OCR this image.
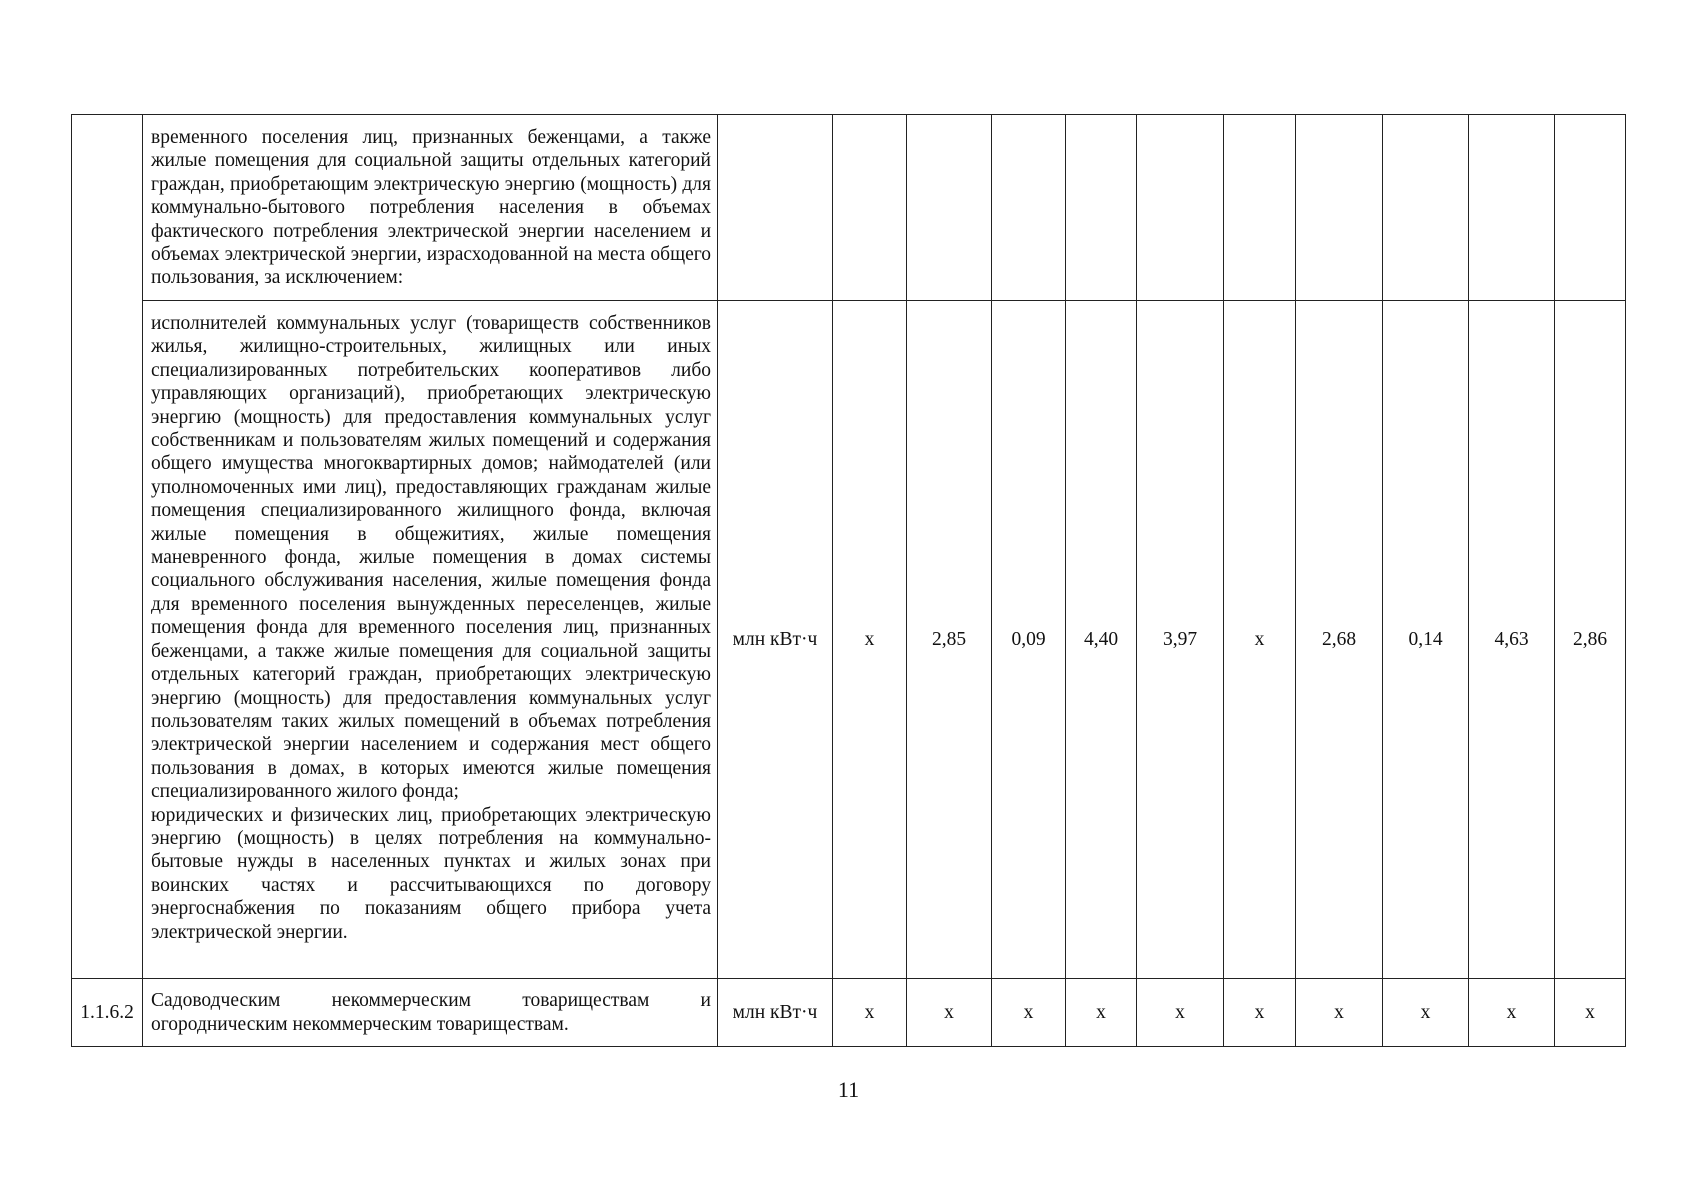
	временного поселения лиц, признанных беженцами, а также жилые помещения для социальной защиты отдельных категорий граждан, приобретающим электрическую энергию (мощность) для коммунально-бытового потребления населения в объемах фактического потребления электрической энергии населением и объемах электрической энергии, израсходованной на места общего пользования, за исключением:											

	исполнителей коммунальных услуг (товариществ собственников жилья, жилищно-строительных, жилищных или иных специализированных потребительских кооперативов либо управляющих организаций), приобретающих электрическую энергию (мощность) для предоставления коммунальных услуг собственникам и пользователям жилых помещений и содержания общего имущества многоквартирных домов; наймодателей (или уполномоченных ими лиц), предоставляющих гражданам жилые помещения специализированного жилищного фонда, включая жилые помещения в общежитиях, жилые помещения маневренного фонда, жилые помещения в домах системы социального обслуживания населения, жилые помещения фонда для временного поселения вынужденных переселенцев, жилые помещения фонда для временного поселения лиц, признанных беженцами, а также жилые помещения для социальной защиты отдельных категорий граждан, приобретающих электрическую энергию (мощность) для предоставления коммунальных услуг пользователям таких жилых помещений в объемах потребления электрической энергии населением и содержания мест общего пользования в домах, в которых имеются жилые помещения специализированного жилого фонда;
юридических и физических лиц, приобретающих электрическую энергию (мощность) в целях потребления на коммунально-бытовые нужды в населенных пунктах и жилых зонах при воинских частях и рассчитывающихся по договору энергоснабжения по показаниям общего прибора учета электрической энергии.	млн кВт·ч	х	2,85	0,09	4,40	3,97	х	2,68	0,14	4,63	2,86
1.1.6.2	Садоводческим некоммерческим товариществам и огородническим некоммерческим товариществам.	млн кВт·ч	х	х	х	х	х	х	х	х	х	х
11
